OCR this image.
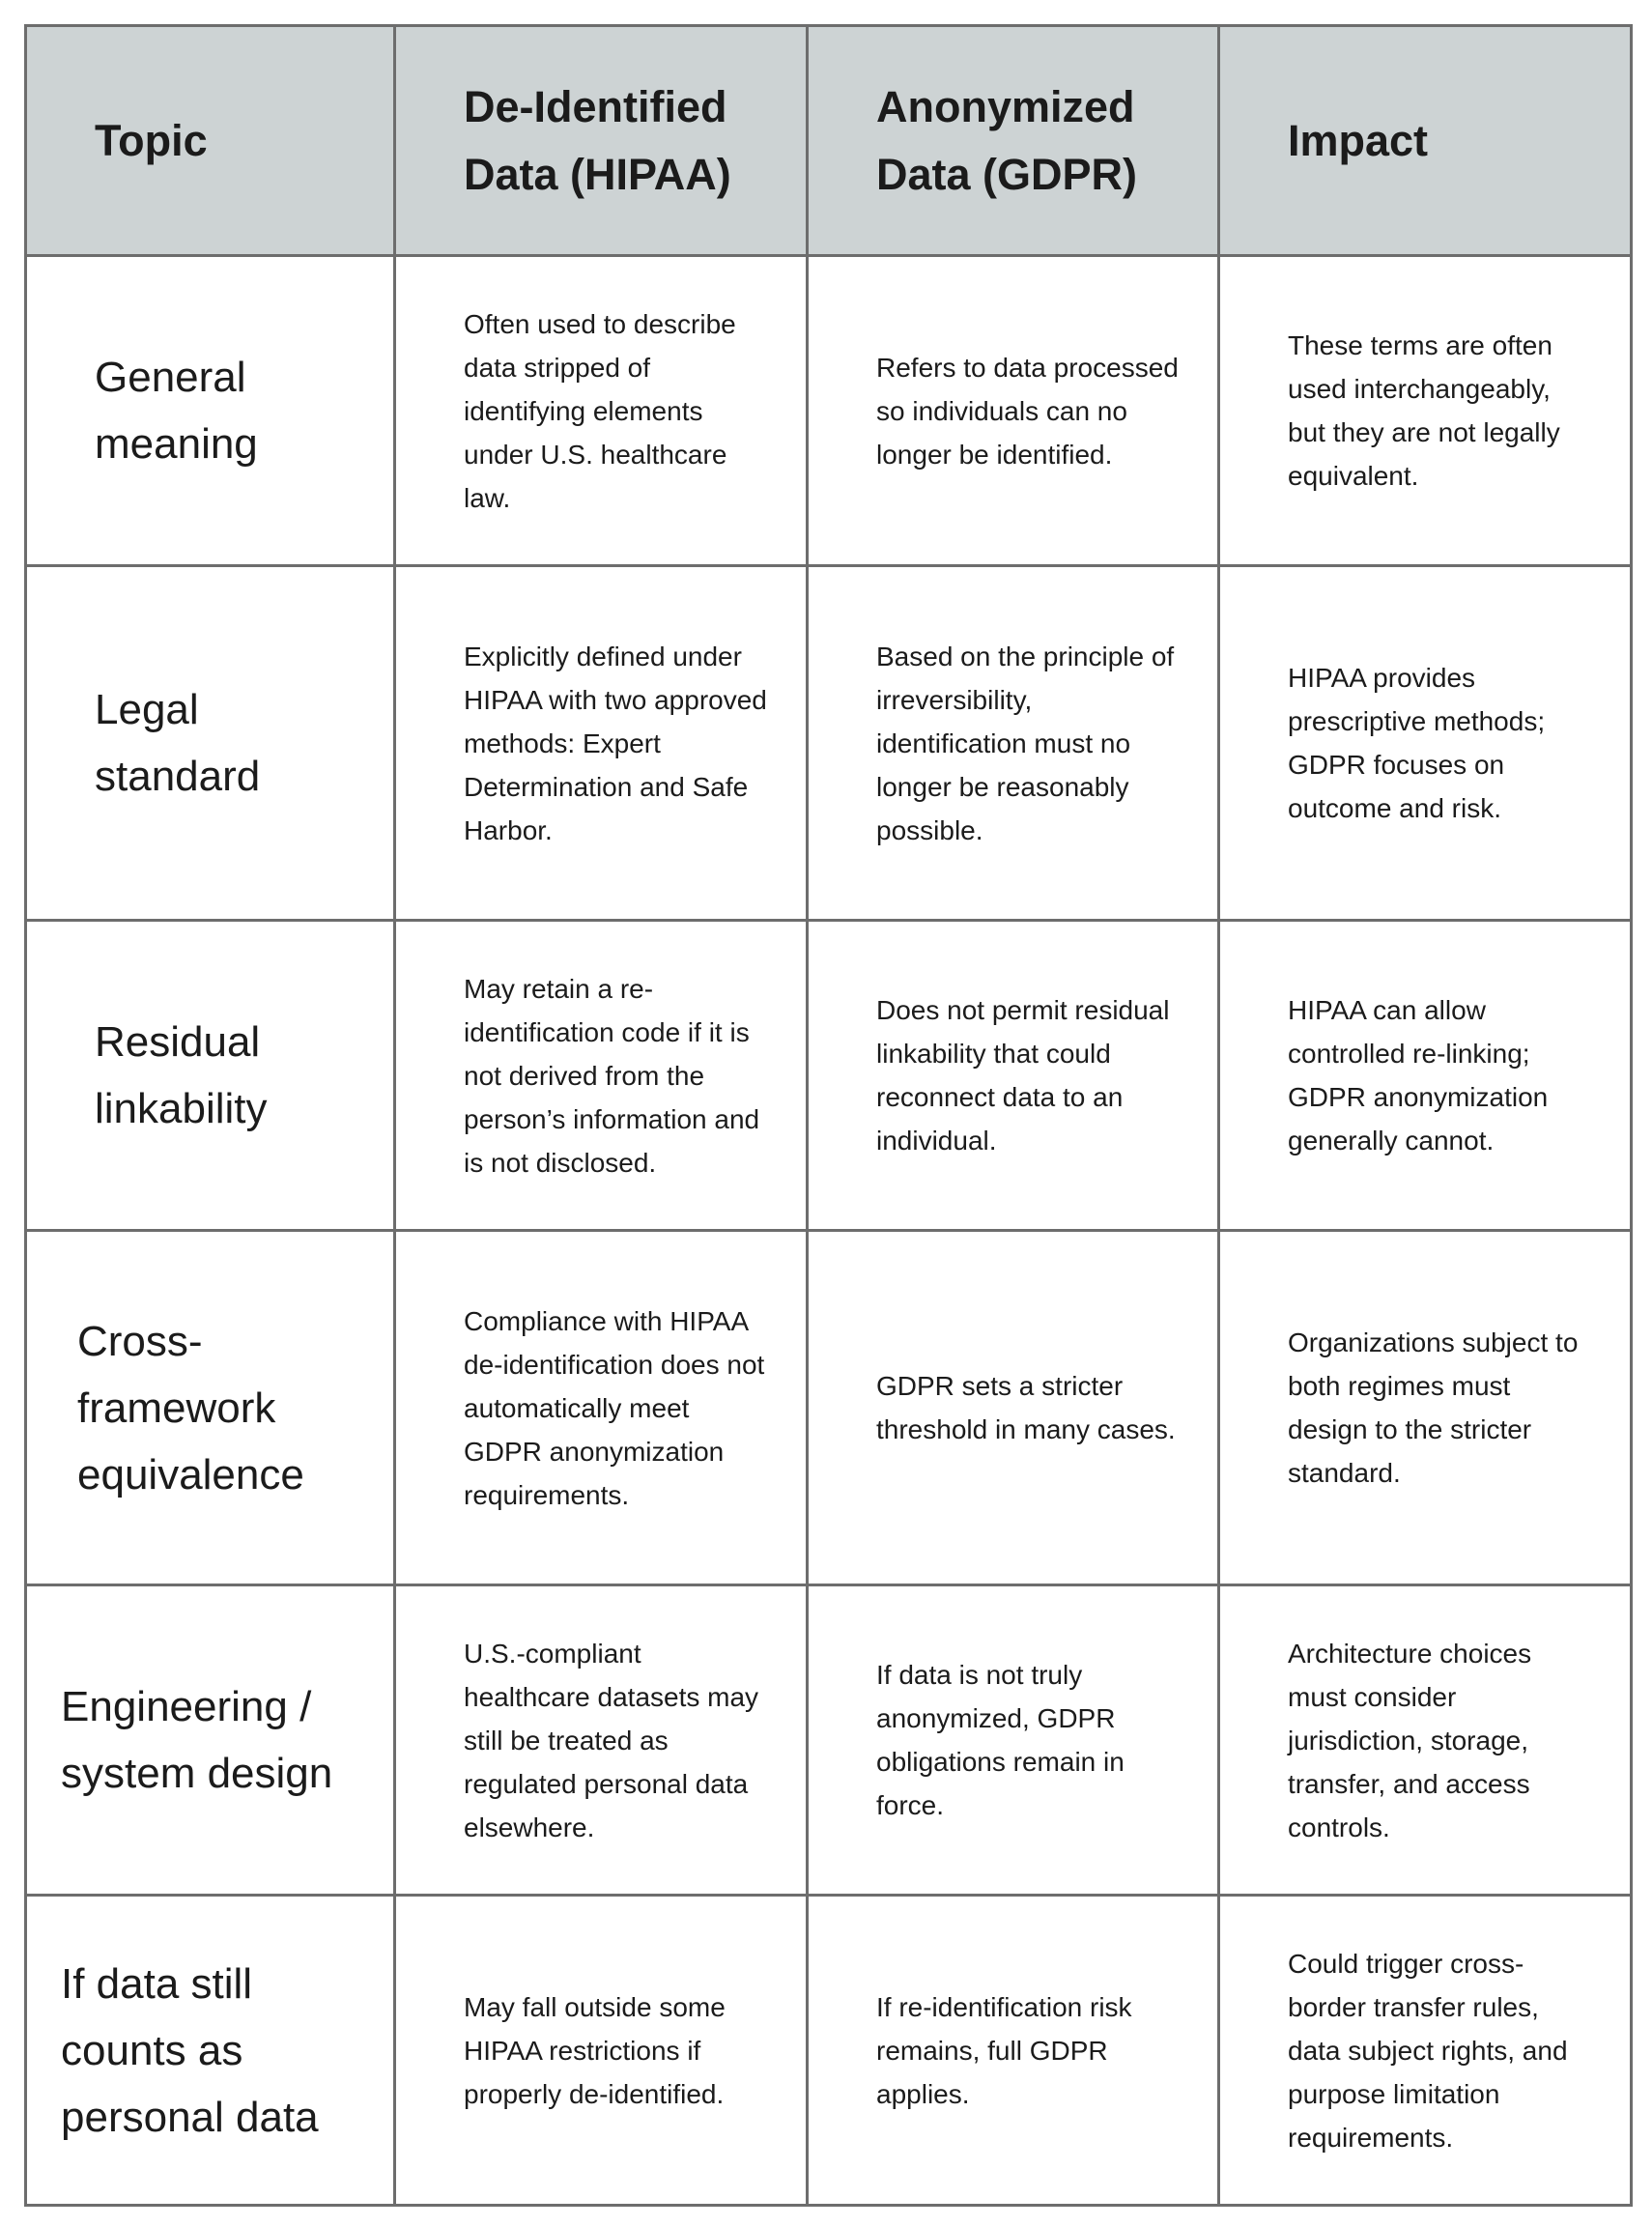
Topic	De-Identified Data (HIPAA)	Anonymized Data (GDPR)	Impact
General meaning	Often used to describe data stripped of identifying elements under U.S. healthcare law.	Refers to data processed so individuals can no longer be identified.	These terms are often used interchangeably, but they are not legally equivalent.
Legal standard	Explicitly defined under HIPAA with two approved methods: Expert Determination and Safe Harbor.	Based on the principle of irreversibility, identification must no longer be reasonably possible.	HIPAA provides prescriptive methods; GDPR focuses on outcome and risk.
Residual linkability	May retain a re-identification code if it is not derived from the person’s information and is not disclosed.	Does not permit residual linkability that could reconnect data to an individual.	HIPAA can allow controlled re-linking; GDPR anonymization generally cannot.
Cross-framework equivalence	Compliance with HIPAA de-identification does not automatically meet GDPR anonymization requirements.	GDPR sets a stricter threshold in many cases.	Organizations subject to both regimes must design to the stricter standard.
Engineering / system design	U.S.-compliant healthcare datasets may still be treated as regulated personal data elsewhere.	If data is not truly anonymized, GDPR obligations remain in force.	Architecture choices must consider jurisdiction, storage, transfer, and access controls.
If data still counts as personal data	May fall outside some HIPAA restrictions if properly de-identified.	If re-identification risk remains, full GDPR applies.	Could trigger cross-border transfer rules, data subject rights, and purpose limitation requirements.
